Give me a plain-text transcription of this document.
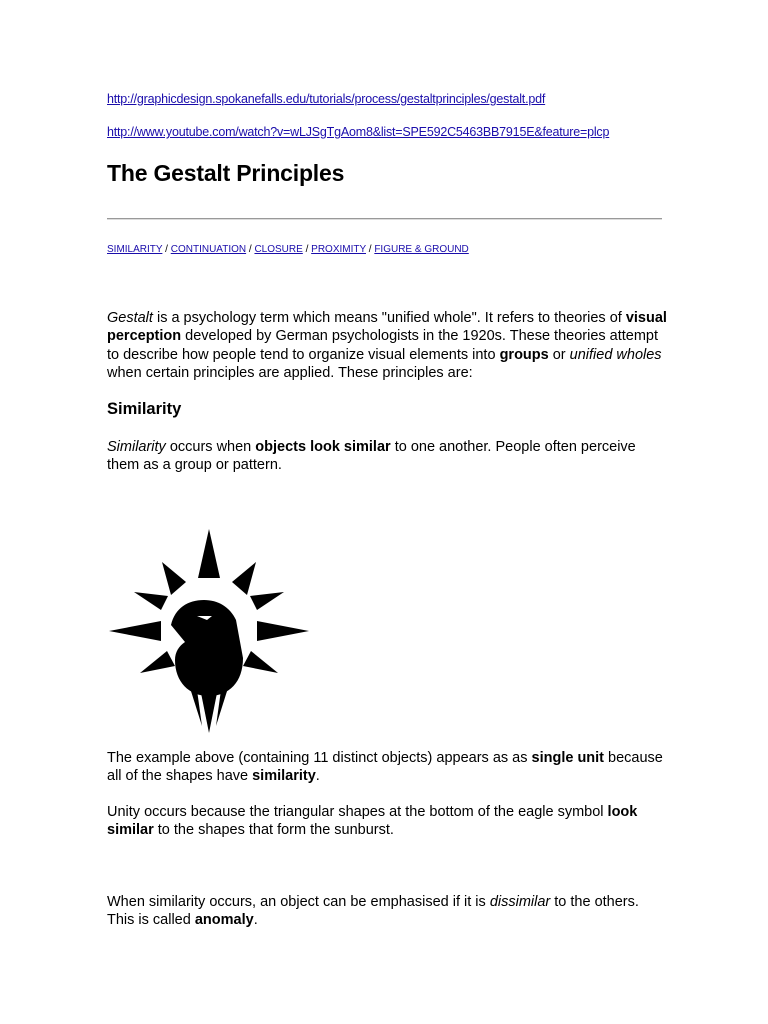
http://graphicdesign.spokanefalls.edu/tutorials/process/gestaltprinciples/gestalt.pdf
http://www.youtube.com/watch?v=wLJSgTgAom8&list=SPE592C5463BB7915E&feature=plcp
The Gestalt Principles
SIMILARITY / CONTINUATION / CLOSURE / PROXIMITY / FIGURE & GROUND

Gestalt is a psychology term which means "unified whole". It refers to theories of visual perception developed by German psychologists in the 1920s. These theories attempt to describe how people tend to organize visual elements into groups or unified wholes when certain principles are applied. These principles are:

Similarity

Similarity occurs when objects look similar to one another. People often perceive them as a group or pattern.

The example above (containing 11 distinct objects) appears as as single unit because all of the shapes have similarity.

Unity occurs because the triangular shapes at the bottom of the eagle symbol look similar to the shapes that form the sunburst.

When similarity occurs, an object can be emphasised if it is dissimilar to the others. This is called anomaly.
